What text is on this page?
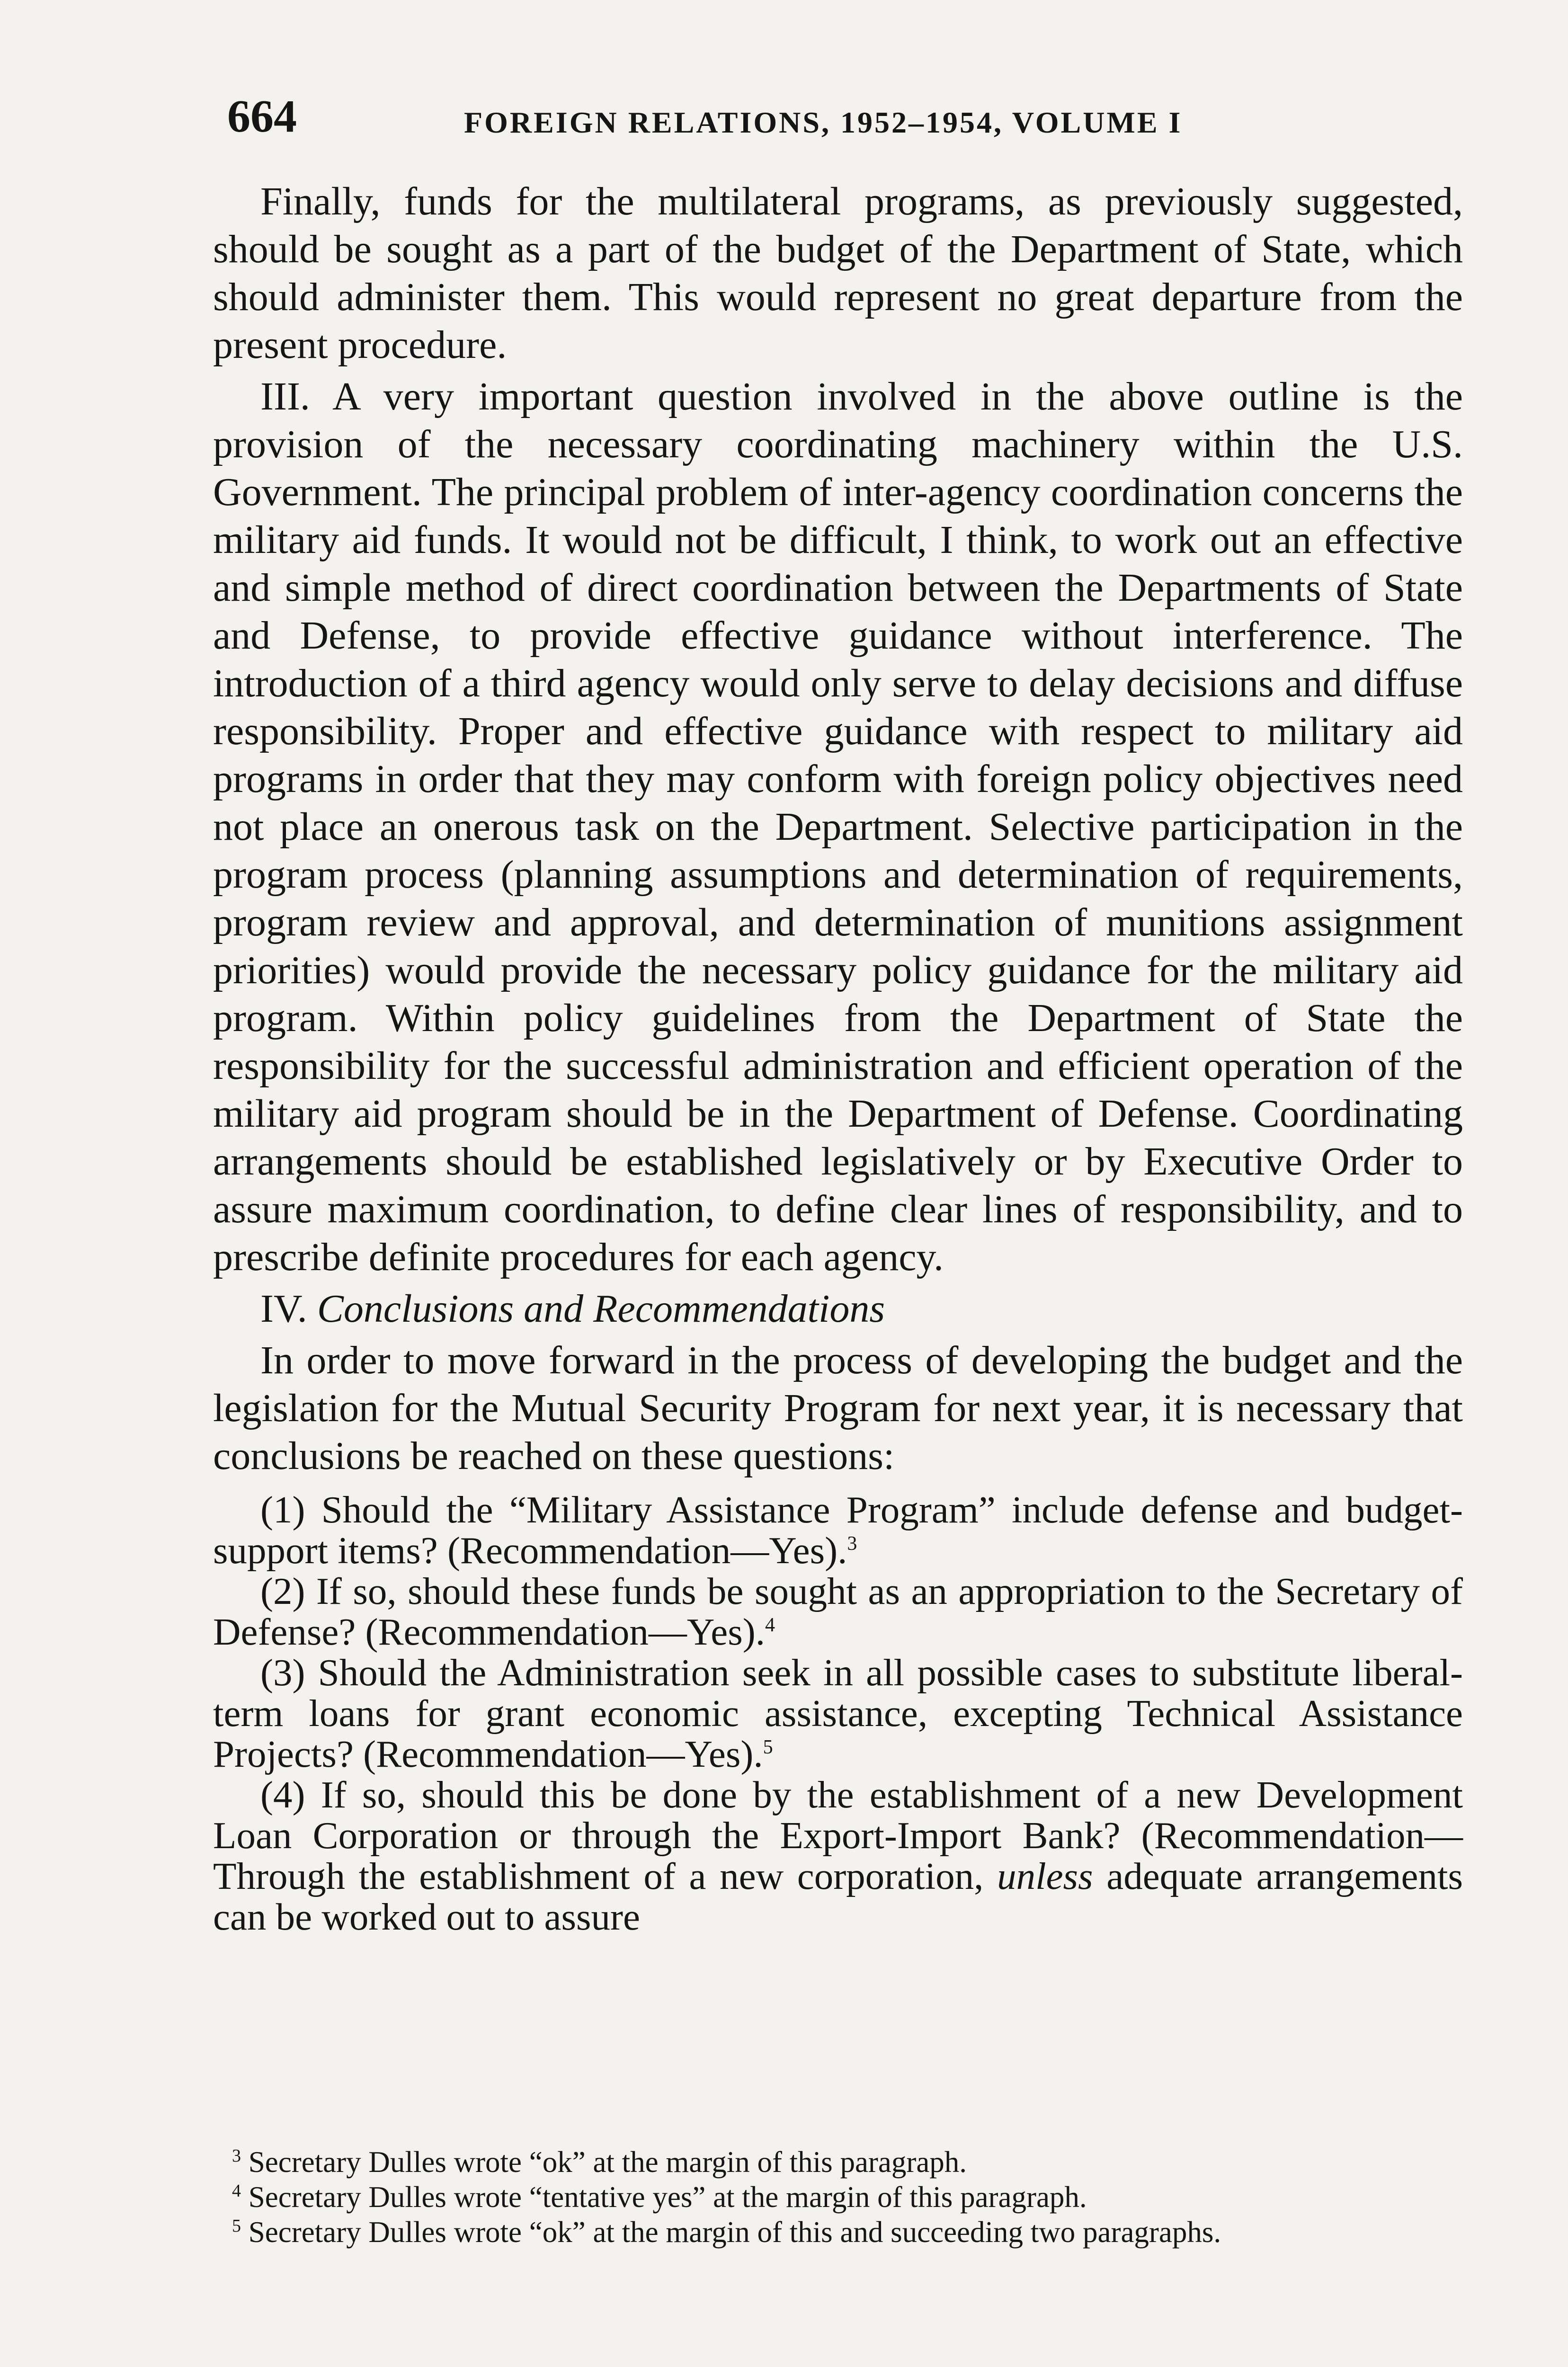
664	FOREIGN RELATIONS, 1952–1954, VOLUME I

Finally, funds for the multilateral programs, as previously suggested, should be sought as a part of the budget of the Department of State, which should administer them. This would represent no great departure from the present procedure.

III. A very important question involved in the above outline is the provision of the necessary coordinating machinery within the U.S. Government. The principal problem of inter-agency coordination concerns the military aid funds. It would not be difficult, I think, to work out an effective and simple method of direct coordination between the Departments of State and Defense, to provide effective guidance without interference. The introduction of a third agency would only serve to delay decisions and diffuse responsibility. Proper and effective guidance with respect to military aid programs in order that they may conform with foreign policy objectives need not place an onerous task on the Department. Selective participation in the program process (planning assumptions and determination of requirements, program review and approval, and determination of munitions assignment priorities) would provide the necessary policy guidance for the military aid program. Within policy guidelines from the Department of State the responsibility for the successful administration and efficient operation of the military aid program should be in the Department of Defense. Coordinating arrangements should be established legislatively or by Executive Order to assure maximum coordination, to define clear lines of responsibility, and to prescribe definite procedures for each agency.

IV. Conclusions and Recommendations

In order to move forward in the process of developing the budget and the legislation for the Mutual Security Program for next year, it is necessary that conclusions be reached on these questions:

(1) Should the “Military Assistance Program” include defense and budget-support items? (Recommendation—Yes).$^3$

(2) If so, should these funds be sought as an appropriation to the Secretary of Defense? (Recommendation—Yes).$^4$

(3) Should the Administration seek in all possible cases to substitute liberal-term loans for grant economic assistance, excepting Technical Assistance Projects? (Recommendation—Yes).$^5$

(4) If so, should this be done by the establishment of a new Development Loan Corporation or through the Export-Import Bank? (Recommendation—Through the establishment of a new corporation, unless adequate arrangements can be worked out to assure

$^3$ Secretary Dulles wrote “ok” at the margin of this paragraph.

$^4$ Secretary Dulles wrote “tentative yes” at the margin of this paragraph.

$^5$ Secretary Dulles wrote “ok” at the margin of this and succeeding two paragraphs.
